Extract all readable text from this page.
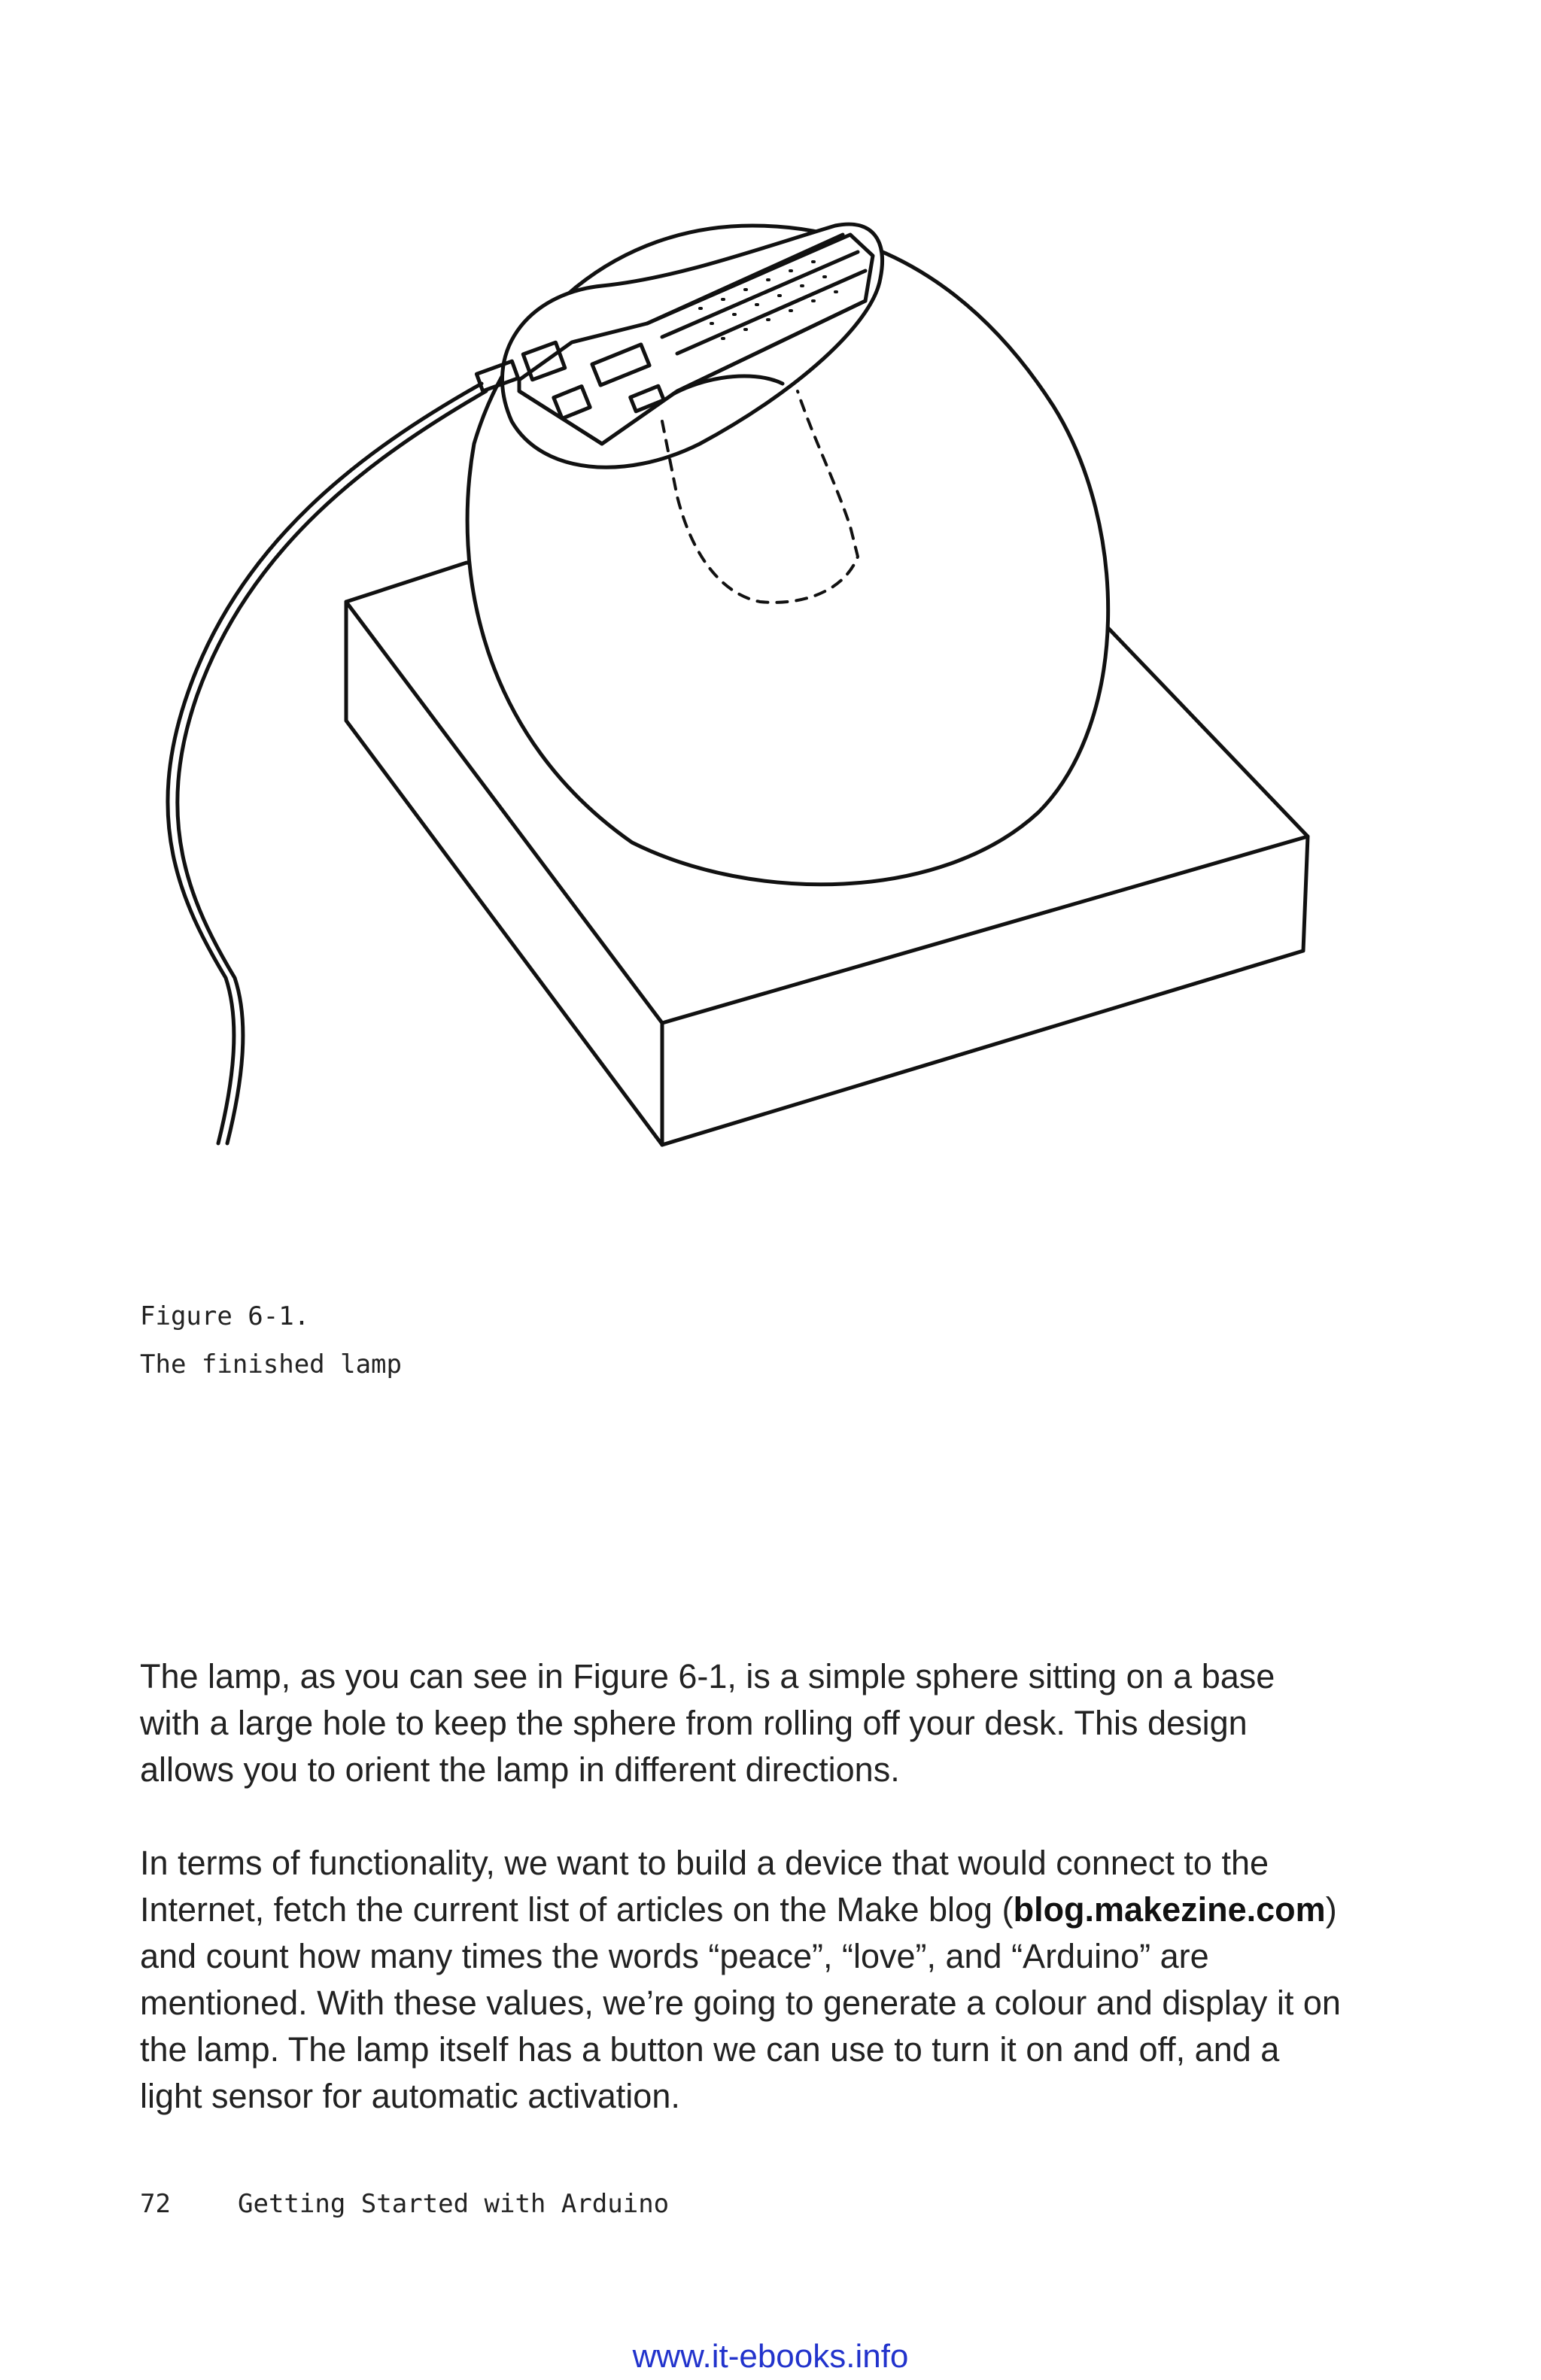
Figure 6-1.
The finished lamp

The lamp, as you can see in Figure 6-1, is a simple sphere sitting on a base with a large hole to keep the sphere from rolling off your desk. This design allows you to orient the lamp in different directions.

In terms of functionality, we want to build a device that would connect to the Internet, fetch the current list of articles on the Make blog (blog.makezine.com) and count how many times the words “peace”, “love”, and “Arduino” are mentioned. With these values, we’re going to generate a colour and display it on the lamp. The lamp itself has a button we can use to turn it on and off, and a light sensor for automatic activation.

72	Getting Started with Arduino
www.it-ebooks.info
